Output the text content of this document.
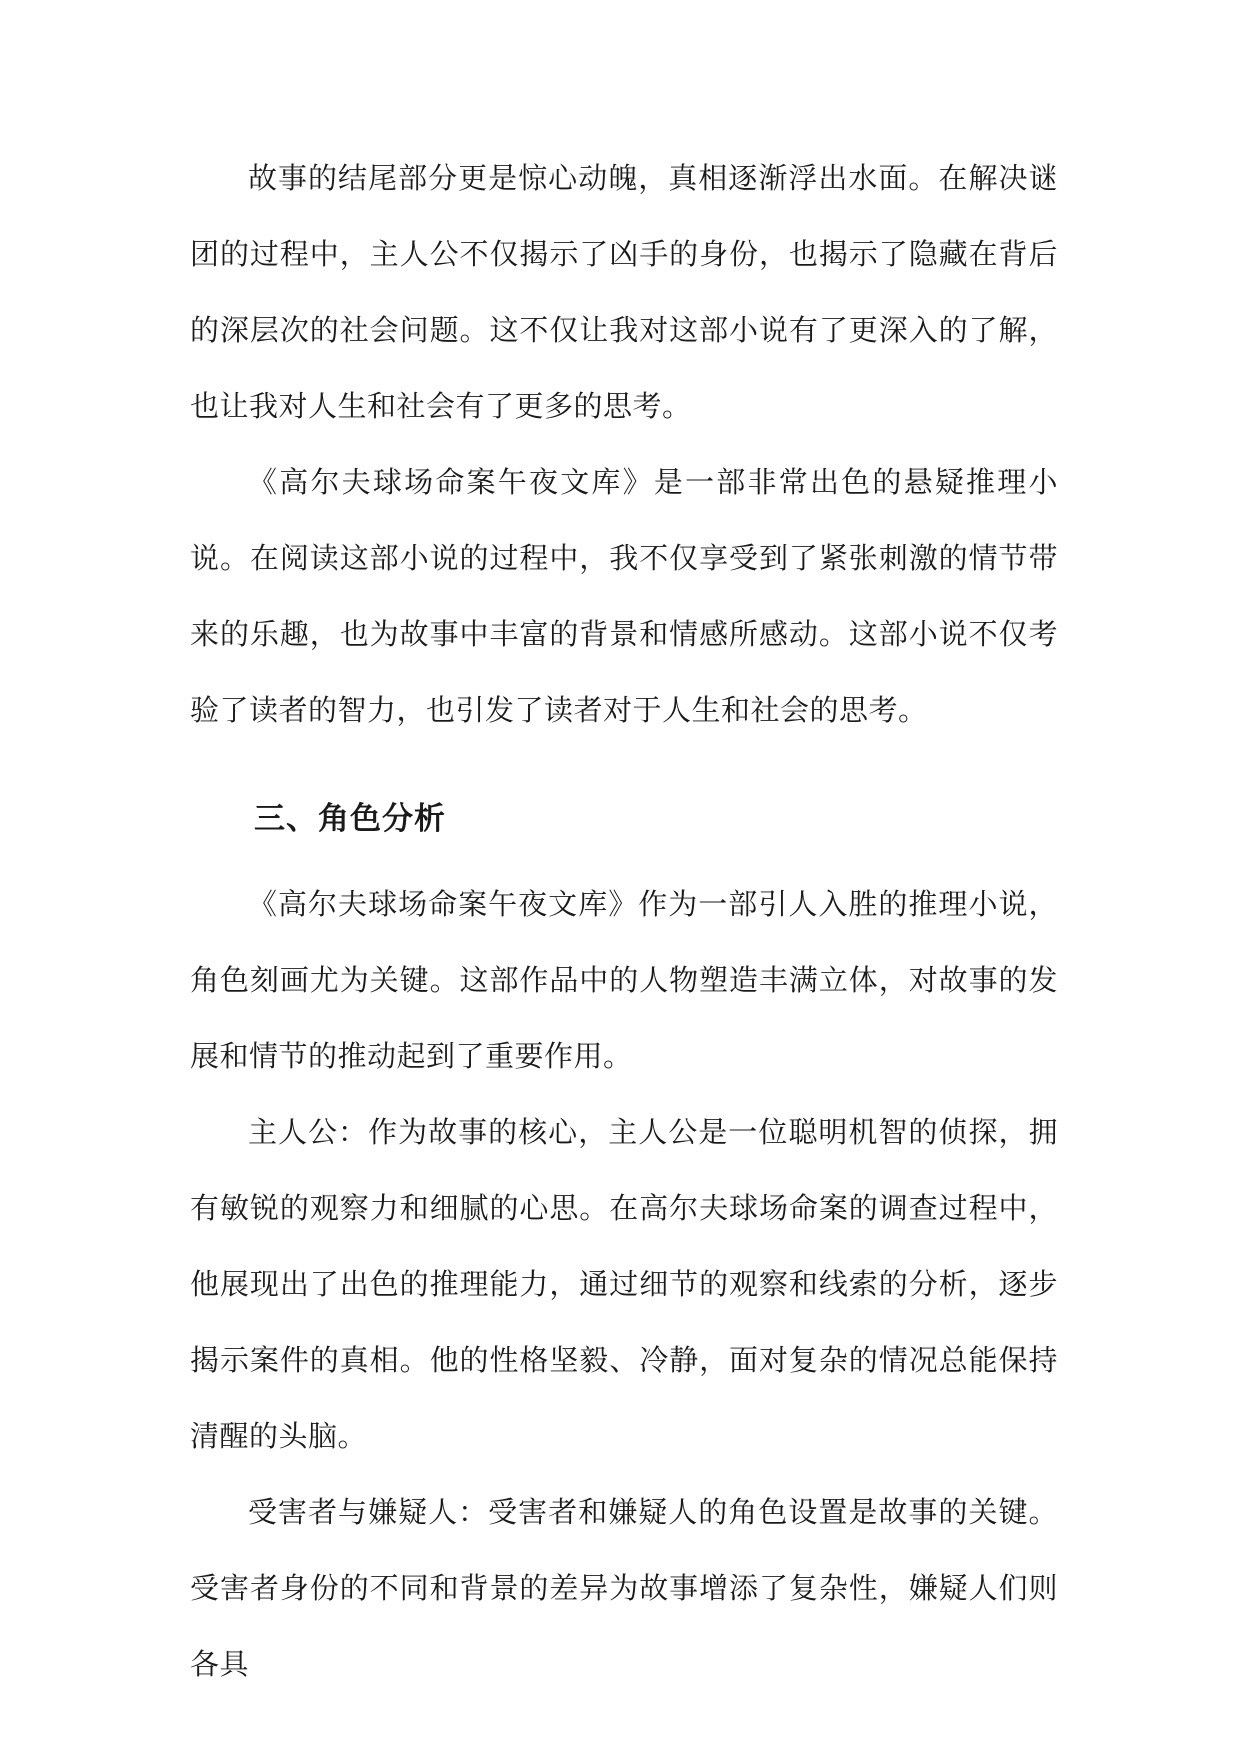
故事的结尾部分更是惊心动魄，真相逐渐浮出水面。在解决谜团的过程中，主人公不仅揭示了凶手的身份，也揭示了隐藏在背后的深层次的社会问题。这不仅让我对这部小说有了更深入的了解，也让我对人生和社会有了更多的思考。

《高尔夫球场命案午夜文库》是一部非常出色的悬疑推理小说。在阅读这部小说的过程中，我不仅享受到了紧张刺激的情节带来的乐趣，也为故事中丰富的背景和情感所感动。这部小说不仅考验了读者的智力，也引发了读者对于人生和社会的思考。

三、角色分析

《高尔夫球场命案午夜文库》作为一部引人入胜的推理小说，角色刻画尤为关键。这部作品中的人物塑造丰满立体，对故事的发展和情节的推动起到了重要作用。

主人公：作为故事的核心，主人公是一位聪明机智的侦探，拥有敏锐的观察力和细腻的心思。在高尔夫球场命案的调查过程中，他展现出了出色的推理能力，通过细节的观察和线索的分析，逐步揭示案件的真相。他的性格坚毅、冷静，面对复杂的情况总能保持清醒的头脑。

受害者与嫌疑人：受害者和嫌疑人的角色设置是故事的关键。受害者身份的不同和背景的差异为故事增添了复杂性，嫌疑人们则各具
